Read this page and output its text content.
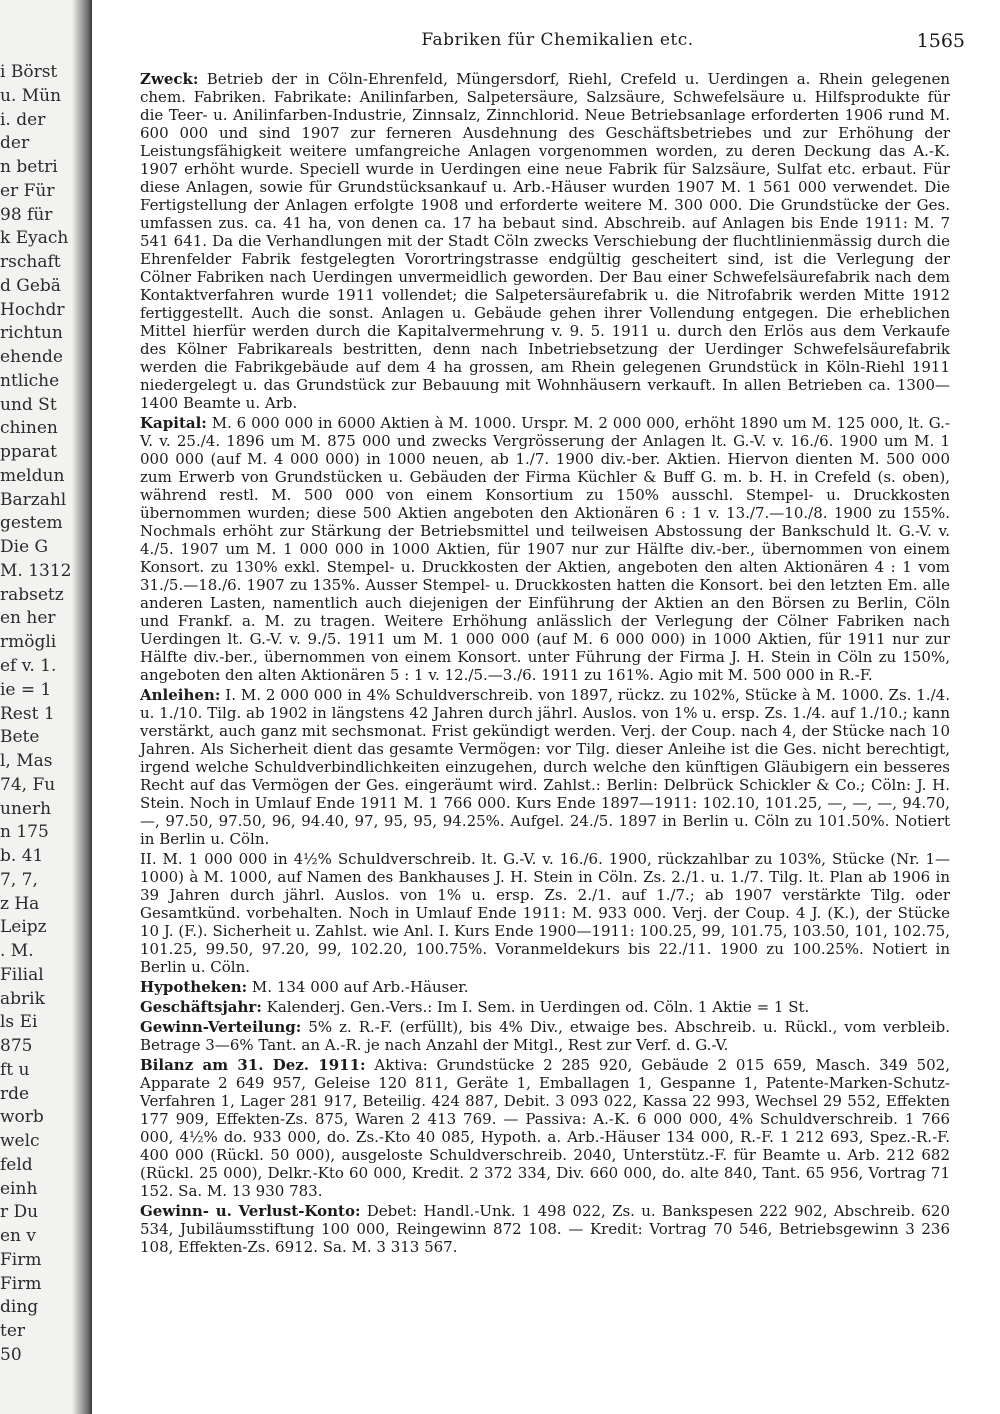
i Börst
u. Mün
i. der
der
n betri
er Für
98 für
k Eyach
rschaft
d Gebä
Hochdr
richtun
ehende
ntliche
und St
chinen
pparat
meldun
Barzahl
gestem
Die G
M. 1312
rabsetz
en her
rmögli
ef v. 1.
ie = 1
Rest 1
Bete
l, Mas
74, Fu
unerh
n 175
b. 41
7, 7,
z Ha
Leipz
. M.
Filial
abrik
ls Ei
875
ft u
rde
worb
welc
feld
einh
r Du
en v
Firm
Firm
ding
ter
50
Fabriken für Chemikalien etc.	1565

Zweck: Betrieb der in Cöln-Ehrenfeld, Müngersdorf, Riehl, Crefeld u. Uerdingen a. Rhein gelegenen chem. Fabriken. Fabrikate: Anilinfarben, Salpetersäure, Salzsäure, Schwefelsäure u. Hilfsprodukte für die Teer- u. Anilinfarben-Industrie, Zinnsalz, Zinnchlorid. Neue Betriebsanlage erforderten 1906 rund M. 600 000 und sind 1907 zur ferneren Ausdehnung des Geschäftsbetriebes und zur Erhöhung der Leistungsfähigkeit weitere umfangreiche Anlagen vorgenommen worden, zu deren Deckung das A.-K. 1907 erhöht wurde. Speciell wurde in Uerdingen eine neue Fabrik für Salzsäure, Sulfat etc. erbaut. Für diese Anlagen, sowie für Grundstücksankauf u. Arb.-Häuser wurden 1907 M. 1 561 000 verwendet. Die Fertigstellung der Anlagen erfolgte 1908 und erforderte weitere M. 300 000. Die Grundstücke der Ges. umfassen zus. ca. 41 ha, von denen ca. 17 ha bebaut sind. Abschreib. auf Anlagen bis Ende 1911: M. 7 541 641. Da die Verhandlungen mit der Stadt Cöln zwecks Verschiebung der fluchtlinienmässig durch die Ehrenfelder Fabrik festgelegten Vorortringstrasse endgültig gescheitert sind, ist die Verlegung der Cölner Fabriken nach Uerdingen unvermeidlich geworden. Der Bau einer Schwefelsäurefabrik nach dem Kontaktverfahren wurde 1911 vollendet; die Salpetersäurefabrik u. die Nitrofabrik werden Mitte 1912 fertiggestellt. Auch die sonst. Anlagen u. Gebäude gehen ihrer Vollendung entgegen. Die erheblichen Mittel hierfür werden durch die Kapitalvermehrung v. 9. 5. 1911 u. durch den Erlös aus dem Verkaufe des Kölner Fabrikareals bestritten, denn nach Inbetriebsetzung der Uerdinger Schwefelsäurefabrik werden die Fabrikgebäude auf dem 4 ha grossen, am Rhein gelegenen Grundstück in Köln-Riehl 1911 niedergelegt u. das Grundstück zur Bebauung mit Wohnhäusern verkauft. In allen Betrieben ca. 1300—1400 Beamte u. Arb.

Kapital: M. 6 000 000 in 6000 Aktien à M. 1000. Urspr. M. 2 000 000, erhöht 1890 um M. 125 000, lt. G.-V. v. 25./4. 1896 um M. 875 000 und zwecks Vergrösserung der Anlagen lt. G.-V. v. 16./6. 1900 um M. 1 000 000 (auf M. 4 000 000) in 1000 neuen, ab 1./7. 1900 div.-ber. Aktien. Hiervon dienten M. 500 000 zum Erwerb von Grundstücken u. Gebäuden der Firma Küchler & Buff G. m. b. H. in Crefeld (s. oben), während restl. M. 500 000 von einem Konsortium zu 150% ausschl. Stempel- u. Druckkosten übernommen wurden; diese 500 Aktien angeboten den Aktionären 6 : 1 v. 13./7.—10./8. 1900 zu 155%. Nochmals erhöht zur Stärkung der Betriebsmittel und teilweisen Abstossung der Bankschuld lt. G.-V. v. 4./5. 1907 um M. 1 000 000 in 1000 Aktien, für 1907 nur zur Hälfte div.-ber., übernommen von einem Konsort. zu 130% exkl. Stempel- u. Druckkosten der Aktien, angeboten den alten Aktionären 4 : 1 vom 31./5.—18./6. 1907 zu 135%. Ausser Stempel- u. Druckkosten hatten die Konsort. bei den letzten Em. alle anderen Lasten, namentlich auch diejenigen der Einführung der Aktien an den Börsen zu Berlin, Cöln und Frankf. a. M. zu tragen. Weitere Erhöhung anlässlich der Verlegung der Cölner Fabriken nach Uerdingen lt. G.-V. v. 9./5. 1911 um M. 1 000 000 (auf M. 6 000 000) in 1000 Aktien, für 1911 nur zur Hälfte div.-ber., übernommen von einem Konsort. unter Führung der Firma J. H. Stein in Cöln zu 150%, angeboten den alten Aktionären 5 : 1 v. 12./5.—3./6. 1911 zu 161%. Agio mit M. 500 000 in R.-F.

Anleihen: I. M. 2 000 000 in 4% Schuldverschreib. von 1897, rückz. zu 102%, Stücke à M. 1000. Zs. 1./4. u. 1./10. Tilg. ab 1902 in längstens 42 Jahren durch jährl. Auslos. von 1% u. ersp. Zs. 1./4. auf 1./10.; kann verstärkt, auch ganz mit sechsmonat. Frist gekündigt werden. Verj. der Coup. nach 4, der Stücke nach 10 Jahren. Als Sicherheit dient das gesamte Vermögen: vor Tilg. dieser Anleihe ist die Ges. nicht berechtigt, irgend welche Schuldverbindlichkeiten einzugehen, durch welche den künftigen Gläubigern ein besseres Recht auf das Vermögen der Ges. eingeräumt wird. Zahlst.: Berlin: Delbrück Schickler & Co.; Cöln: J. H. Stein. Noch in Umlauf Ende 1911 M. 1 766 000. Kurs Ende 1897—1911: 102.10, 101.25, —, —, —, 94.70, —, 97.50, 97.50, 96, 94.40, 97, 95, 95, 94.25%. Aufgel. 24./5. 1897 in Berlin u. Cöln zu 101.50%. Notiert in Berlin u. Cöln.

II. M. 1 000 000 in 4½% Schuldverschreib. lt. G.-V. v. 16./6. 1900, rückzahlbar zu 103%, Stücke (Nr. 1—1000) à M. 1000, auf Namen des Bankhauses J. H. Stein in Cöln. Zs. 2./1. u. 1./7. Tilg. lt. Plan ab 1906 in 39 Jahren durch jährl. Auslos. von 1% u. ersp. Zs. 2./1. auf 1./7.; ab 1907 verstärkte Tilg. oder Gesamtkünd. vorbehalten. Noch in Umlauf Ende 1911: M. 933 000. Verj. der Coup. 4 J. (K.), der Stücke 10 J. (F.). Sicherheit u. Zahlst. wie Anl. I. Kurs Ende 1900—1911: 100.25, 99, 101.75, 103.50, 101, 102.75, 101.25, 99.50, 97.20, 99, 102.20, 100.75%. Voranmeldekurs bis 22./11. 1900 zu 100.25%. Notiert in Berlin u. Cöln.

Hypotheken: M. 134 000 auf Arb.-Häuser.

Geschäftsjahr: Kalenderj. Gen.-Vers.: Im I. Sem. in Uerdingen od. Cöln. 1 Aktie = 1 St.

Gewinn-Verteilung: 5% z. R.-F. (erfüllt), bis 4% Div., etwaige bes. Abschreib. u. Rückl., vom verbleib. Betrage 3—6% Tant. an A.-R. je nach Anzahl der Mitgl., Rest zur Verf. d. G.-V.

Bilanz am 31. Dez. 1911: Aktiva: Grundstücke 2 285 920, Gebäude 2 015 659, Masch. 349 502, Apparate 2 649 957, Geleise 120 811, Geräte 1, Emballagen 1, Gespanne 1, Patente-Marken-Schutz-Verfahren 1, Lager 281 917, Beteilig. 424 887, Debit. 3 093 022, Kassa 22 993, Wechsel 29 552, Effekten 177 909, Effekten-Zs. 875, Waren 2 413 769. — Passiva: A.-K. 6 000 000, 4% Schuldverschreib. 1 766 000, 4½% do. 933 000, do. Zs.-Kto 40 085, Hypoth. a. Arb.-Häuser 134 000, R.-F. 1 212 693, Spez.-R.-F. 400 000 (Rückl. 50 000), ausgeloste Schuldverschreib. 2040, Unterstütz.-F. für Beamte u. Arb. 212 682 (Rückl. 25 000), Delkr.-Kto 60 000, Kredit. 2 372 334, Div. 660 000, do. alte 840, Tant. 65 956, Vortrag 71 152. Sa. M. 13 930 783.

Gewinn- u. Verlust-Konto: Debet: Handl.-Unk. 1 498 022, Zs. u. Bankspesen 222 902, Abschreib. 620 534, Jubiläumsstiftung 100 000, Reingewinn 872 108. — Kredit: Vortrag 70 546, Betriebsgewinn 3 236 108, Effekten-Zs. 6912. Sa. M. 3 313 567.
